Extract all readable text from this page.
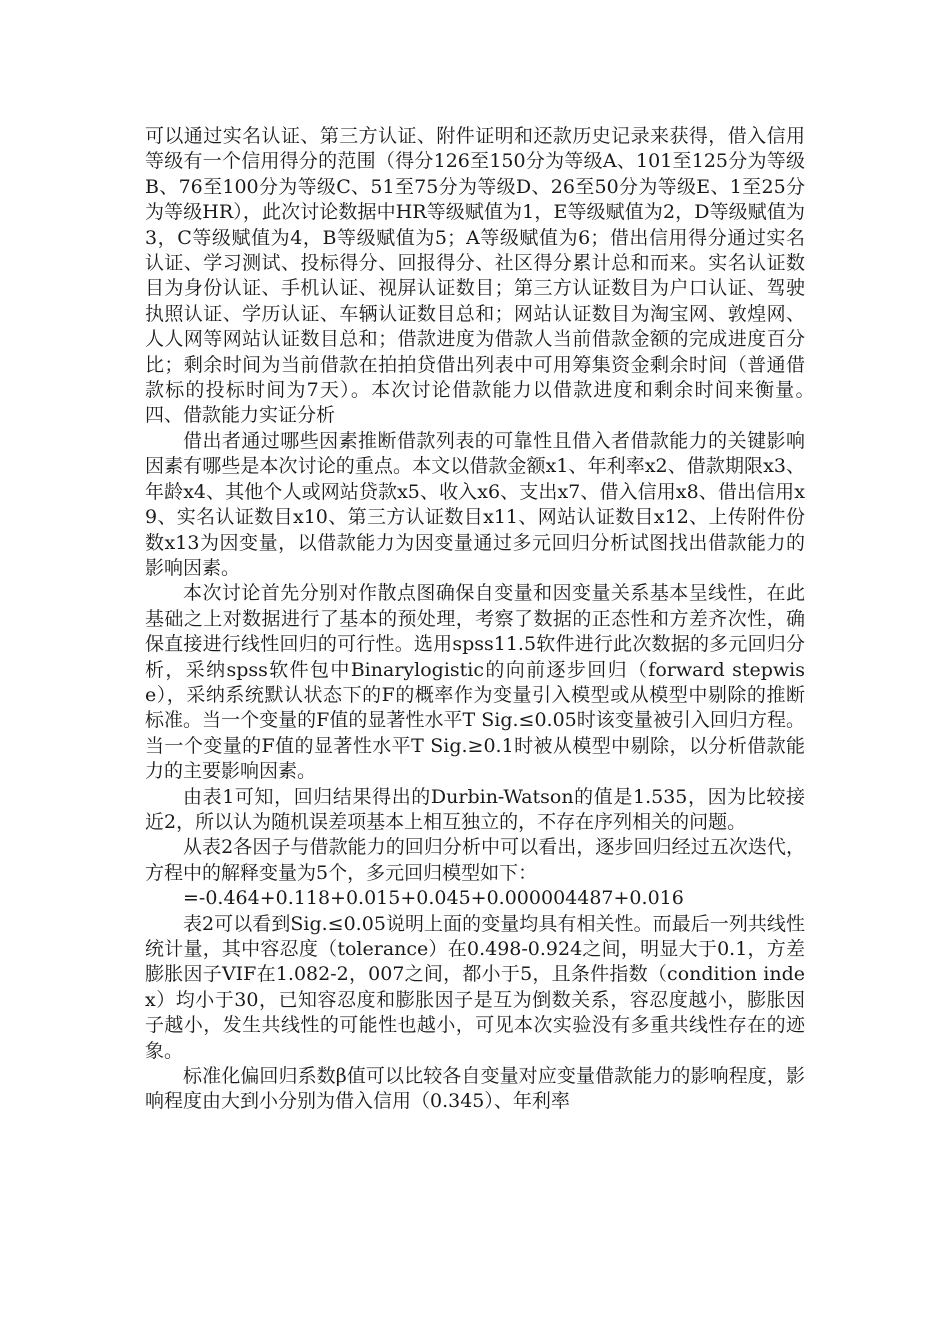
可以通过实名认证、第三方认证、附件证明和还款历史记录来获得，借入信用等级有一个信用得分的范围（得分126至150分为等级A、101至125分为等级B、76至100分为等级C、51至75分为等级D、26至50分为等级E、1至25分为等级HR），此次讨论数据中HR等级赋值为1，E等级赋值为2，D等级赋值为3，C等级赋值为4，B等级赋值为5；A等级赋值为6；借出信用得分通过实名认证、学习测试、投标得分、回报得分、社区得分累计总和而来。实名认证数目为身份认证、手机认证、视屏认证数目；第三方认证数目为户口认证、驾驶执照认证、学历认证、车辆认证数目总和；网站认证数目为淘宝网、敦煌网、人人网等网站认证数目总和；借款进度为借款人当前借款金额的完成进度百分比；剩余时间为当前借款在拍拍贷借出列表中可用筹集资金剩余时间（普通借款标的投标时间为7天）。本次讨论借款能力以借款进度和剩余时间来衡量。　　　四、借款能力实证分析

借出者通过哪些因素推断借款列表的可靠性且借入者借款能力的关键影响因素有哪些是本次讨论的重点。本文以借款金额x1、年利率x2、借款期限x3、年龄x4、其他个人或网站贷款x5、收入x6、支出x7、借入信用x8、借出信用x9、实名认证数目x10、第三方认证数目x11、网站认证数目x12、上传附件份数x13为因变量，以借款能力为因变量通过多元回归分析试图找出借款能力的影响因素。

本次讨论首先分别对作散点图确保自变量和因变量关系基本呈线性，在此基础之上对数据进行了基本的预处理，考察了数据的正态性和方差齐次性，确保直接进行线性回归的可行性。选用spss11.5软件进行此次数据的多元回归分析，采纳spss软件包中Binarylogistic的向前逐步回归（forward stepwise），采纳系统默认状态下的F的概率作为变量引入模型或从模型中剔除的推断标准。当一个变量的F值的显著性水平T Sig.≤0.05时该变量被引入回归方程。当一个变量的F值的显著性水平T Sig.≥0.1时被从模型中剔除，以分析借款能力的主要影响因素。

由表1可知，回归结果得出的Durbin-Watson的值是1.535，因为比较接近2，所以认为随机误差项基本上相互独立的，不存在序列相关的问题。

从表2各因子与借款能力的回归分析中可以看出，逐步回归经过五次迭代，方程中的解释变量为5个，多元回归模型如下：

=-0.464+0.118+0.015+0.045+0.000004487+0.016

表2可以看到Sig.≤0.05说明上面的变量均具有相关性。而最后一列共线性统计量，其中容忍度（tolerance）在0.498-0.924之间，明显大于0.1，方差膨胀因子VIF在1.082-2，007之间，都小于5，且条件指数（condition index）均小于30，已知容忍度和膨胀因子是互为倒数关系，容忍度越小，膨胀因子越小，发生共线性的可能性也越小，可见本次实验没有多重共线性存在的迹象。

标准化偏回归系数β值可以比较各自变量对应变量借款能力的影响程度，影响程度由大到小分别为借入信用（0.345）、年利率
